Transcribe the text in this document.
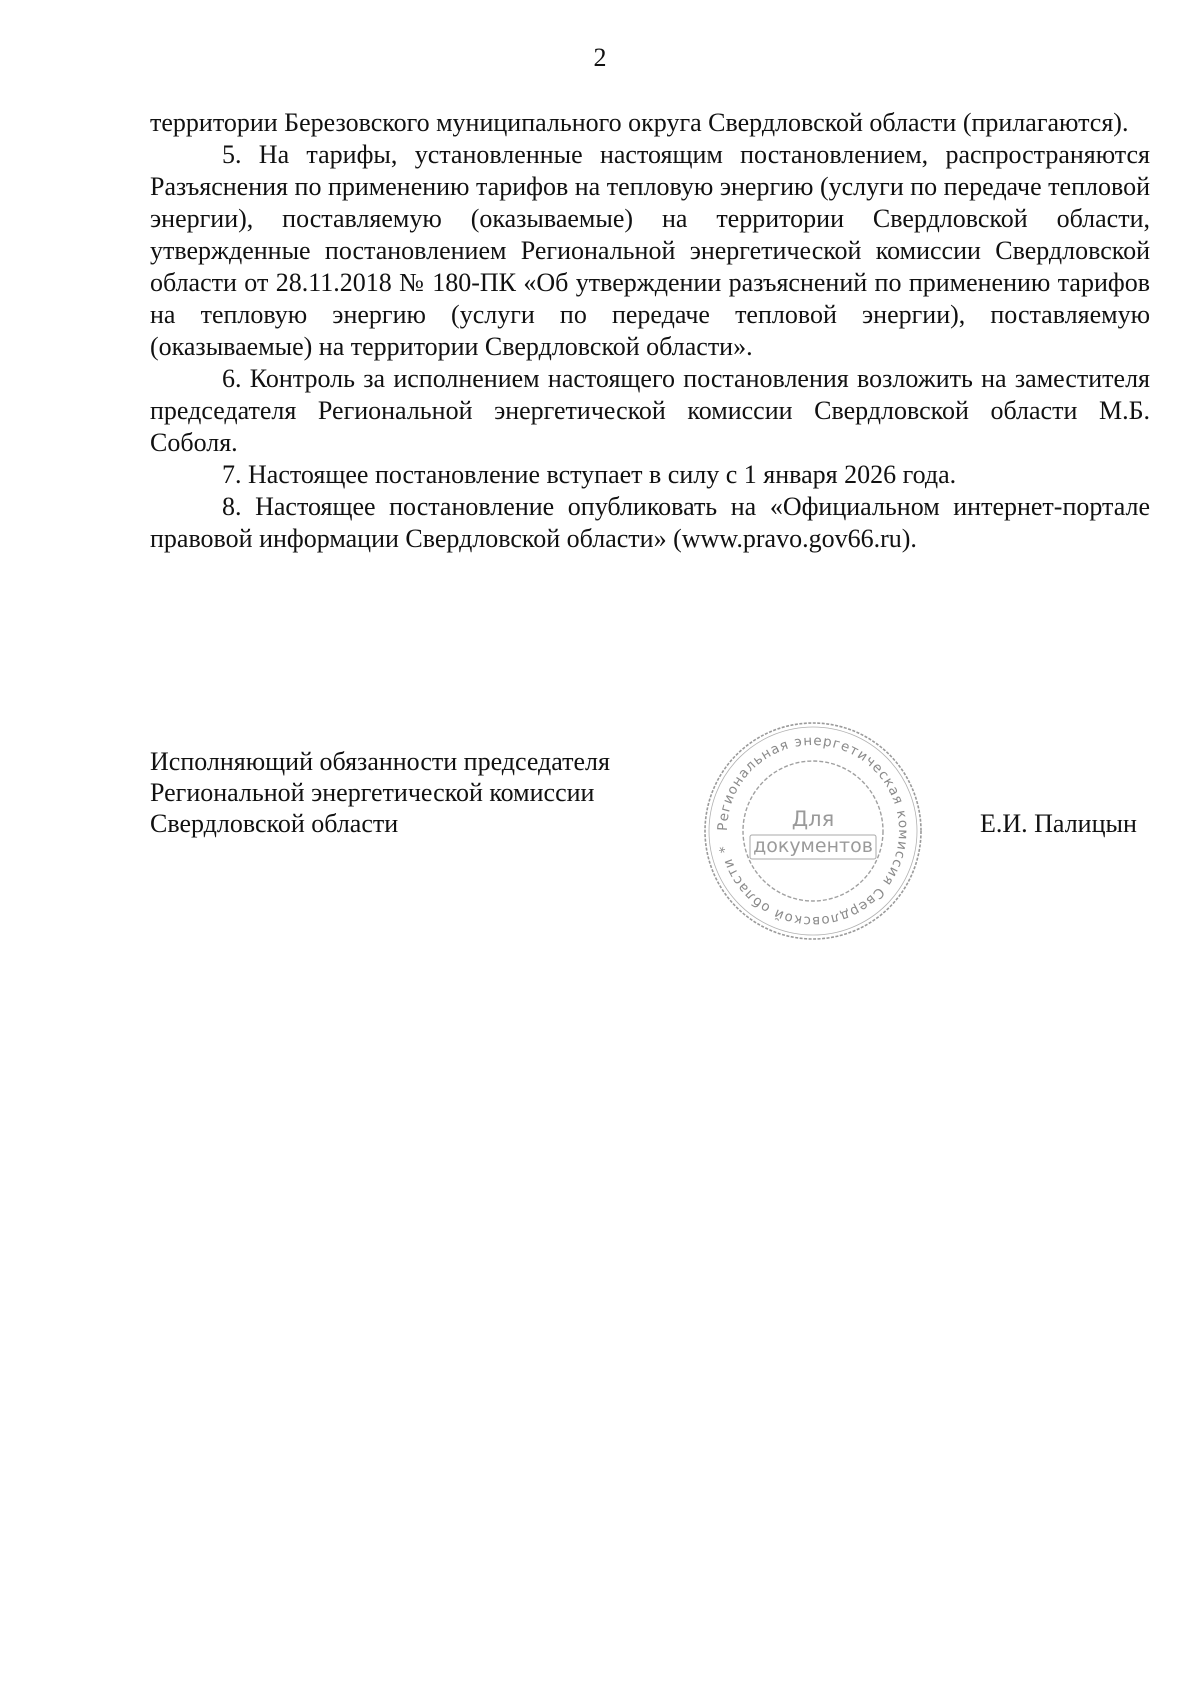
2

территории Березовского муниципального округа Свердловской области (прилагаются).

5. На тарифы, установленные настоящим постановлением, распространяются Разъяснения по применению тарифов на тепловую энергию (услуги по передаче тепловой энергии), поставляемую (оказываемые) на территории Свердловской области, утвержденные постановлением Региональной энергетической комиссии Свердловской области от 28.11.2018 № 180-ПК «Об утверждении разъяснений по применению тарифов на тепловую энергию (услуги по передаче тепловой энергии), поставляемую (оказываемые) на территории Свердловской области».

6. Контроль за исполнением настоящего постановления возложить на заместителя председателя Региональной энергетической комиссии Свердловской области М.Б. Соболя.

7. Настоящее постановление вступает в силу с 1 января 2026 года.

8. Настоящее постановление опубликовать на «Официальном интернет-портале правовой информации Свердловской области» (www.pravo.gov66.ru).

Исполняющий обязанности председателя
Региональной энергетической комиссии
Свердловской области	Региональная энергетическая комиссия Свердловской области *
Для
документов
Е.И. Палицын
